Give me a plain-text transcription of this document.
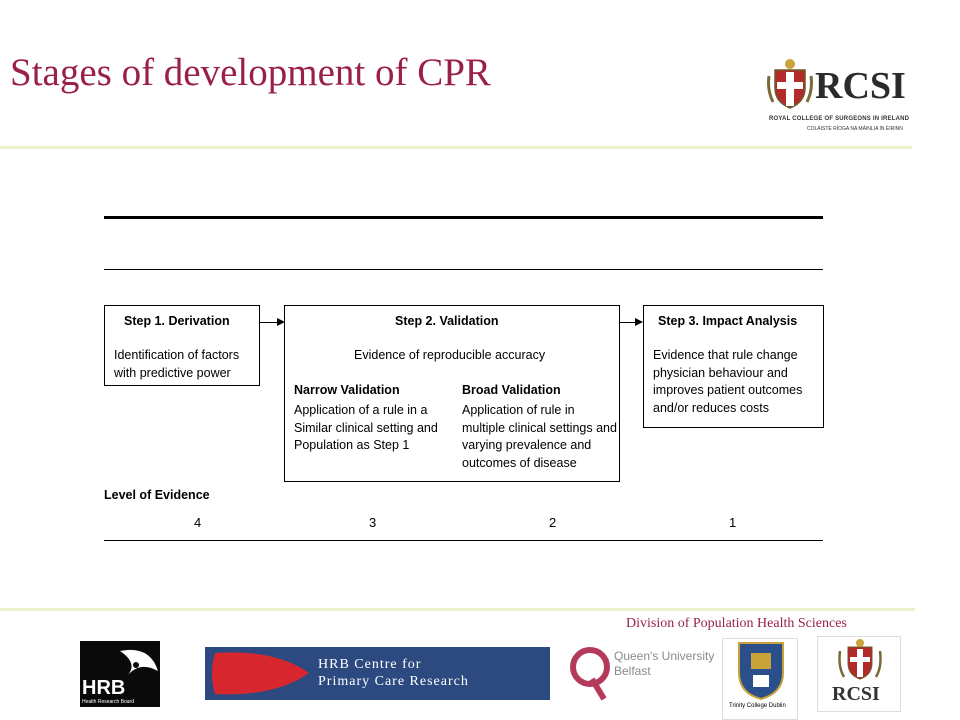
Stages of development of CPR	RCSI
ROYAL COLLEGE OF SURGEONS IN IRELAND
COLÁISTE RÍOGA NA MÁINLIA IN ÉIRINN
Step 1. Derivation
Identification of factors with predictive power
Step 2. Validation
Evidence of reproducible accuracy
Narrow Validation
Application of a rule in a Similar clinical setting and Population as Step 1
Broad Validation
Application of rule in multiple clinical settings and varying prevalence and outcomes of disease
Step 3. Impact Analysis
Evidence that rule change physician behaviour and improves patient outcomes and/or reduces costs
Level of Evidence
4	3	2	1
Division of Population Health Sciences
HRB
Health Research Board
HRB Centre for
Primary Care Research
Queen's University
Belfast
Trinity College Dublin
RCSI
